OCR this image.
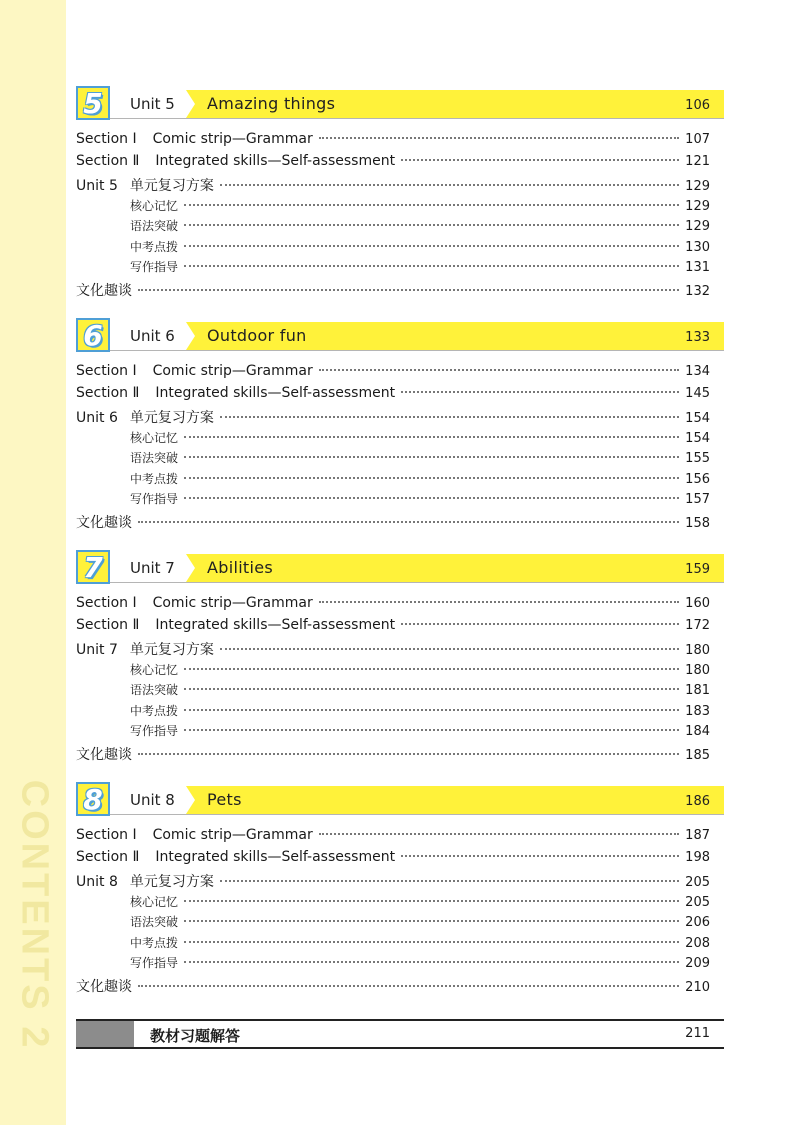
CONTENTS 2
Unit 5
5	Amazing things	106
Section Ⅰ Comic strip—Grammar	107
Section Ⅱ Integrated skills—Self-assessment	121
Unit 5 单元复习方案	129
核心记忆	129
语法突破	129
中考点拨	130
写作指导	131
文化趣谈	132
Unit 6
6	Outdoor fun	133
Section Ⅰ Comic strip—Grammar	134
Section Ⅱ Integrated skills—Self-assessment	145
Unit 6 单元复习方案	154
核心记忆	154
语法突破	155
中考点拨	156
写作指导	157
文化趣谈	158
Unit 7
7	Abilities	159
Section Ⅰ Comic strip—Grammar	160
Section Ⅱ Integrated skills—Self-assessment	172
Unit 7 单元复习方案	180
核心记忆	180
语法突破	181
中考点拨	183
写作指导	184
文化趣谈	185
Unit 8
8	Pets	186
Section Ⅰ Comic strip—Grammar	187
Section Ⅱ Integrated skills—Self-assessment	198
Unit 8 单元复习方案	205
核心记忆	205
语法突破	206
中考点拨	208
写作指导	209
文化趣谈	210
教材习题解答	211
